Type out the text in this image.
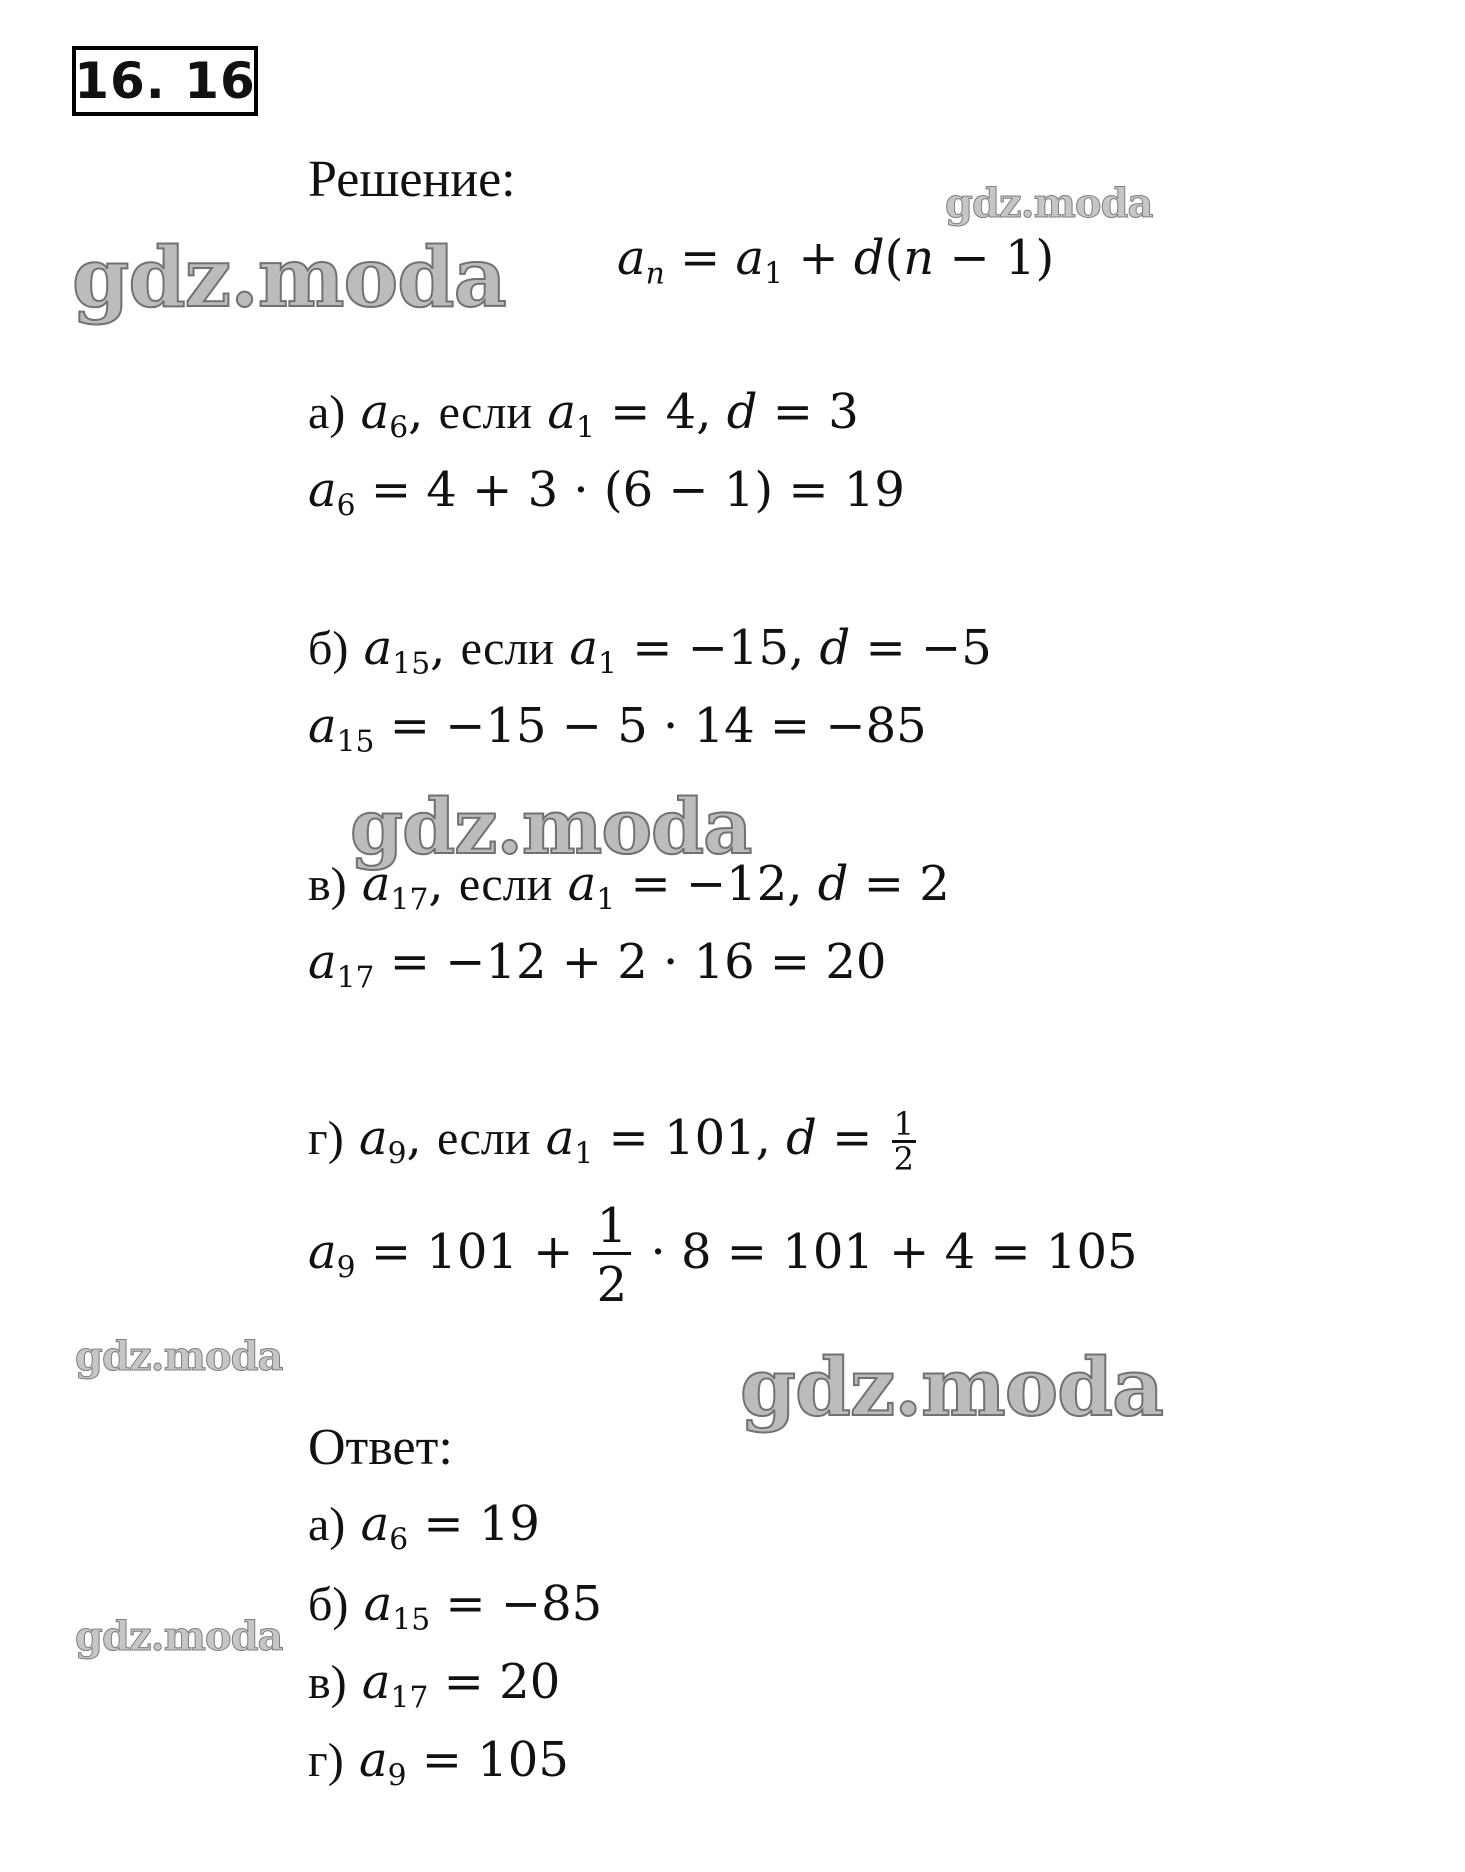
16. 16
Решение:
$a_n = a_1 + d(n - 1)$
а) $a_6$, если $a_1 = 4$, d = 3
$a_6 = 4 + 3 \cdot (6 - 1) = 19$
б) $a_{15}$, если $a_1 = -15$, d = −5
$a_{15} = -15 - 5 \cdot 14 = -85$
в) $a_{17}$, если $a_1 = -12$, d = 2
$a_{17} = -12 + 2 \cdot 16 = 20$
г) $a_9$, если $a_1 = 101$, $d = \frac{1}{2}$
$a_9 = 101 + 1$
2
· 8 = 101 + 4 = 105
Ответ:
а) $a_6 = 19$
б) $a_{15} = -85$
в) $a_{17} = 20$
г) $a_9 = 105$
gdz.moda
gdz.moda
gdz.moda
gdz.moda	gdz.moda
gdz.moda
